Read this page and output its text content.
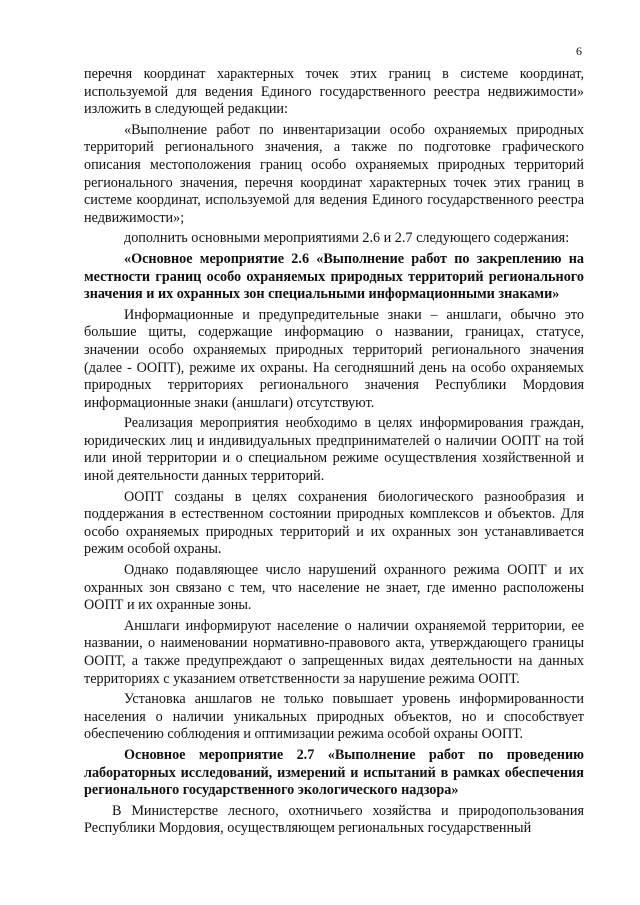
6

перечня координат характерных точек этих границ в системе координат, используемой для ведения Единого государственного реестра недвижимости» изложить в следующей редакции:

«Выполнение работ по инвентаризации особо охраняемых природных территорий регионального значения, а также по подготовке графического описания местоположения границ особо охраняемых природных территорий регионального значения, перечня координат характерных точек этих границ в системе координат, используемой для ведения Единого государственного реестра недвижимости»;

дополнить основными мероприятиями 2.6 и 2.7 следующего содержания:

«Основное мероприятие 2.6 «Выполнение работ по закреплению на местности границ особо охраняемых природных территорий регионального значения и их охранных зон специальными информационными знаками»

Информационные и предупредительные знаки – аншлаги, обычно это большие щиты, содержащие информацию о названии, границах, статусе, значении особо охраняемых природных территорий регионального значения (далее - ООПТ), режиме их охраны. На сегодняшний день на особо охраняемых природных территориях регионального значения Республики Мордовия информационные знаки (аншлаги) отсутствуют.

Реализация мероприятия необходимо в целях информирования граждан, юридических лиц и индивидуальных предпринимателей о наличии ООПТ на той или иной территории и о специальном режиме осуществления хозяйственной и иной деятельности данных территорий.

ООПТ созданы в целях сохранения биологического разнообразия и поддержания в естественном состоянии природных комплексов и объектов. Для особо охраняемых природных территорий и их охранных зон устанавливается режим особой охраны.

Однако подавляющее число нарушений охранного режима ООПТ и их охранных зон связано с тем, что население не знает, где именно расположены ООПТ и их охранные зоны.

Аншлаги информируют население о наличии охраняемой территории, ее названии, о наименовании нормативно-правового акта, утверждающего границы ООПТ, а также предупреждают о запрещенных видах деятельности на данных территориях с указанием ответственности за нарушение режима ООПТ.

Установка аншлагов не только повышает уровень информированности населения о наличии уникальных природных объектов, но и способствует обеспечению соблюдения и оптимизации режима особой охраны ООПТ.

Основное мероприятие 2.7 «Выполнение работ по проведению лабораторных исследований, измерений и испытаний в рамках обеспечения регионального государственного экологического надзора»

В Министерстве лесного, охотничьего хозяйства и природопользования Республики Мордовия, осуществляющем региональных государственный
